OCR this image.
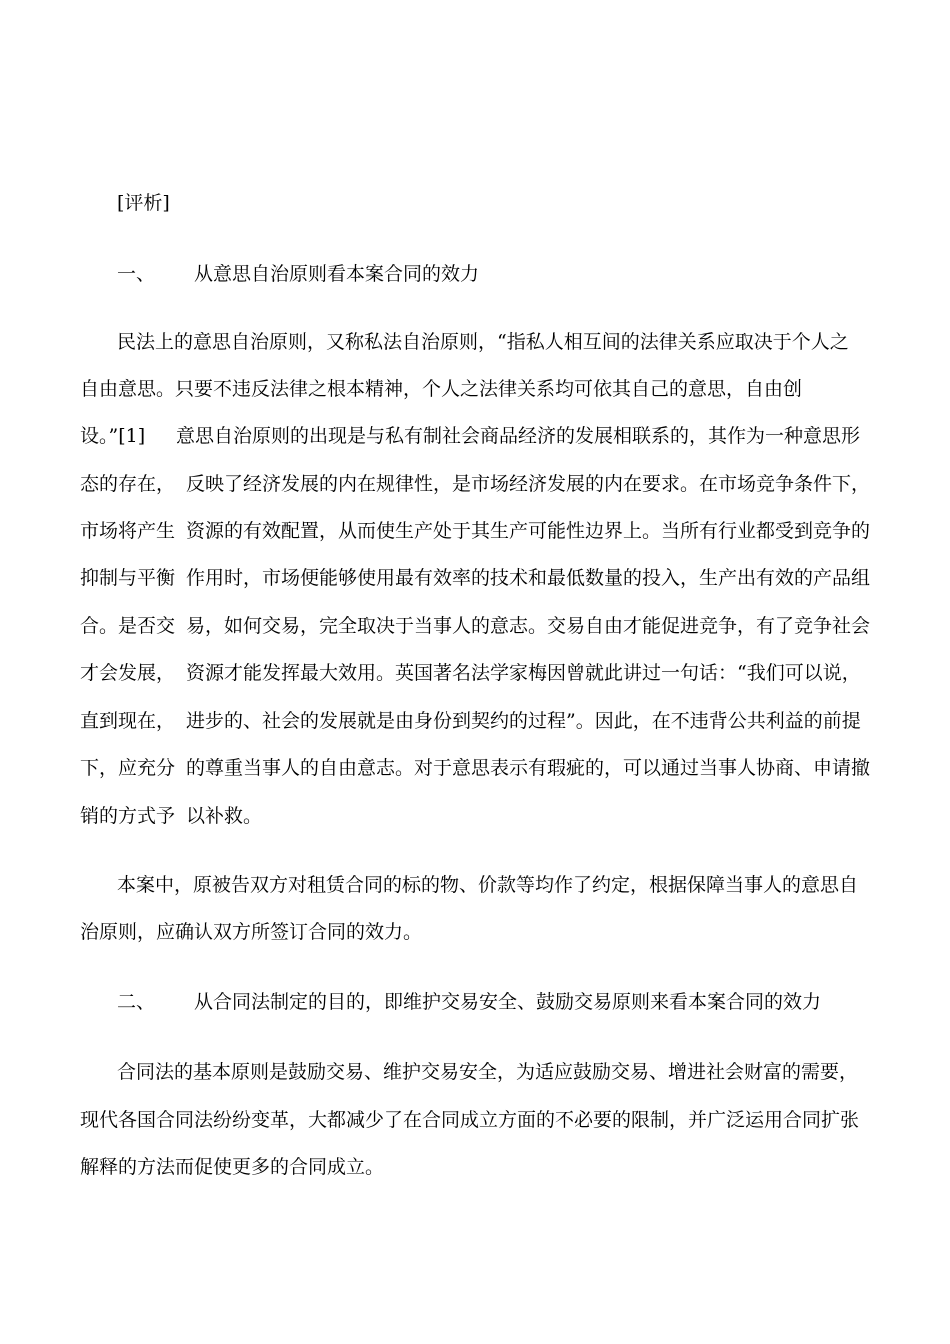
[评析]
一、 从意思自治原则看本案合同的效力
民法上的意思自治原则，又称私法自治原则，“指私人相互间的法律关系应取决于个人之
自由意思。只要不违反法律之根本精神，个人之法律关系均可依其自己的意思，自由创
设。”[1] 意思自治原则的出现是与私有制社会商品经济的发展相联系的，其作为一种意思形
态的存在， 反映了经济发展的内在规律性，是市场经济发展的内在要求。在市场竞争条件下，
市场将产生 资源的有效配置，从而使生产处于其生产可能性边界上。当所有行业都受到竞争的
抑制与平衡 作用时，市场便能够使用最有效率的技术和最低数量的投入，生产出有效的产品组
合。是否交 易，如何交易，完全取决于当事人的意志。交易自由才能促进竞争，有了竞争社会
才会发展， 资源才能发挥最大效用。英国著名法学家梅因曾就此讲过一句话：“我们可以说，
直到现在， 进步的、社会的发展就是由身份到契约的过程”。因此，在不违背公共利益的前提
下，应充分 的尊重当事人的自由意志。对于意思表示有瑕疵的，可以通过当事人协商、申请撤
销的方式予 以补救。
本案中，原被告双方对租赁合同的标的物、价款等均作了约定，根据保障当事人的意思自
治原则，应确认双方所签订合同的效力。
二、 从合同法制定的目的，即维护交易安全、鼓励交易原则来看本案合同的效力
合同法的基本原则是鼓励交易、维护交易安全，为适应鼓励交易、增进社会财富的需要，
现代各国合同法纷纷变革，大都减少了在合同成立方面的不必要的限制，并广泛运用合同扩张
解释的方法而促使更多的合同成立。
